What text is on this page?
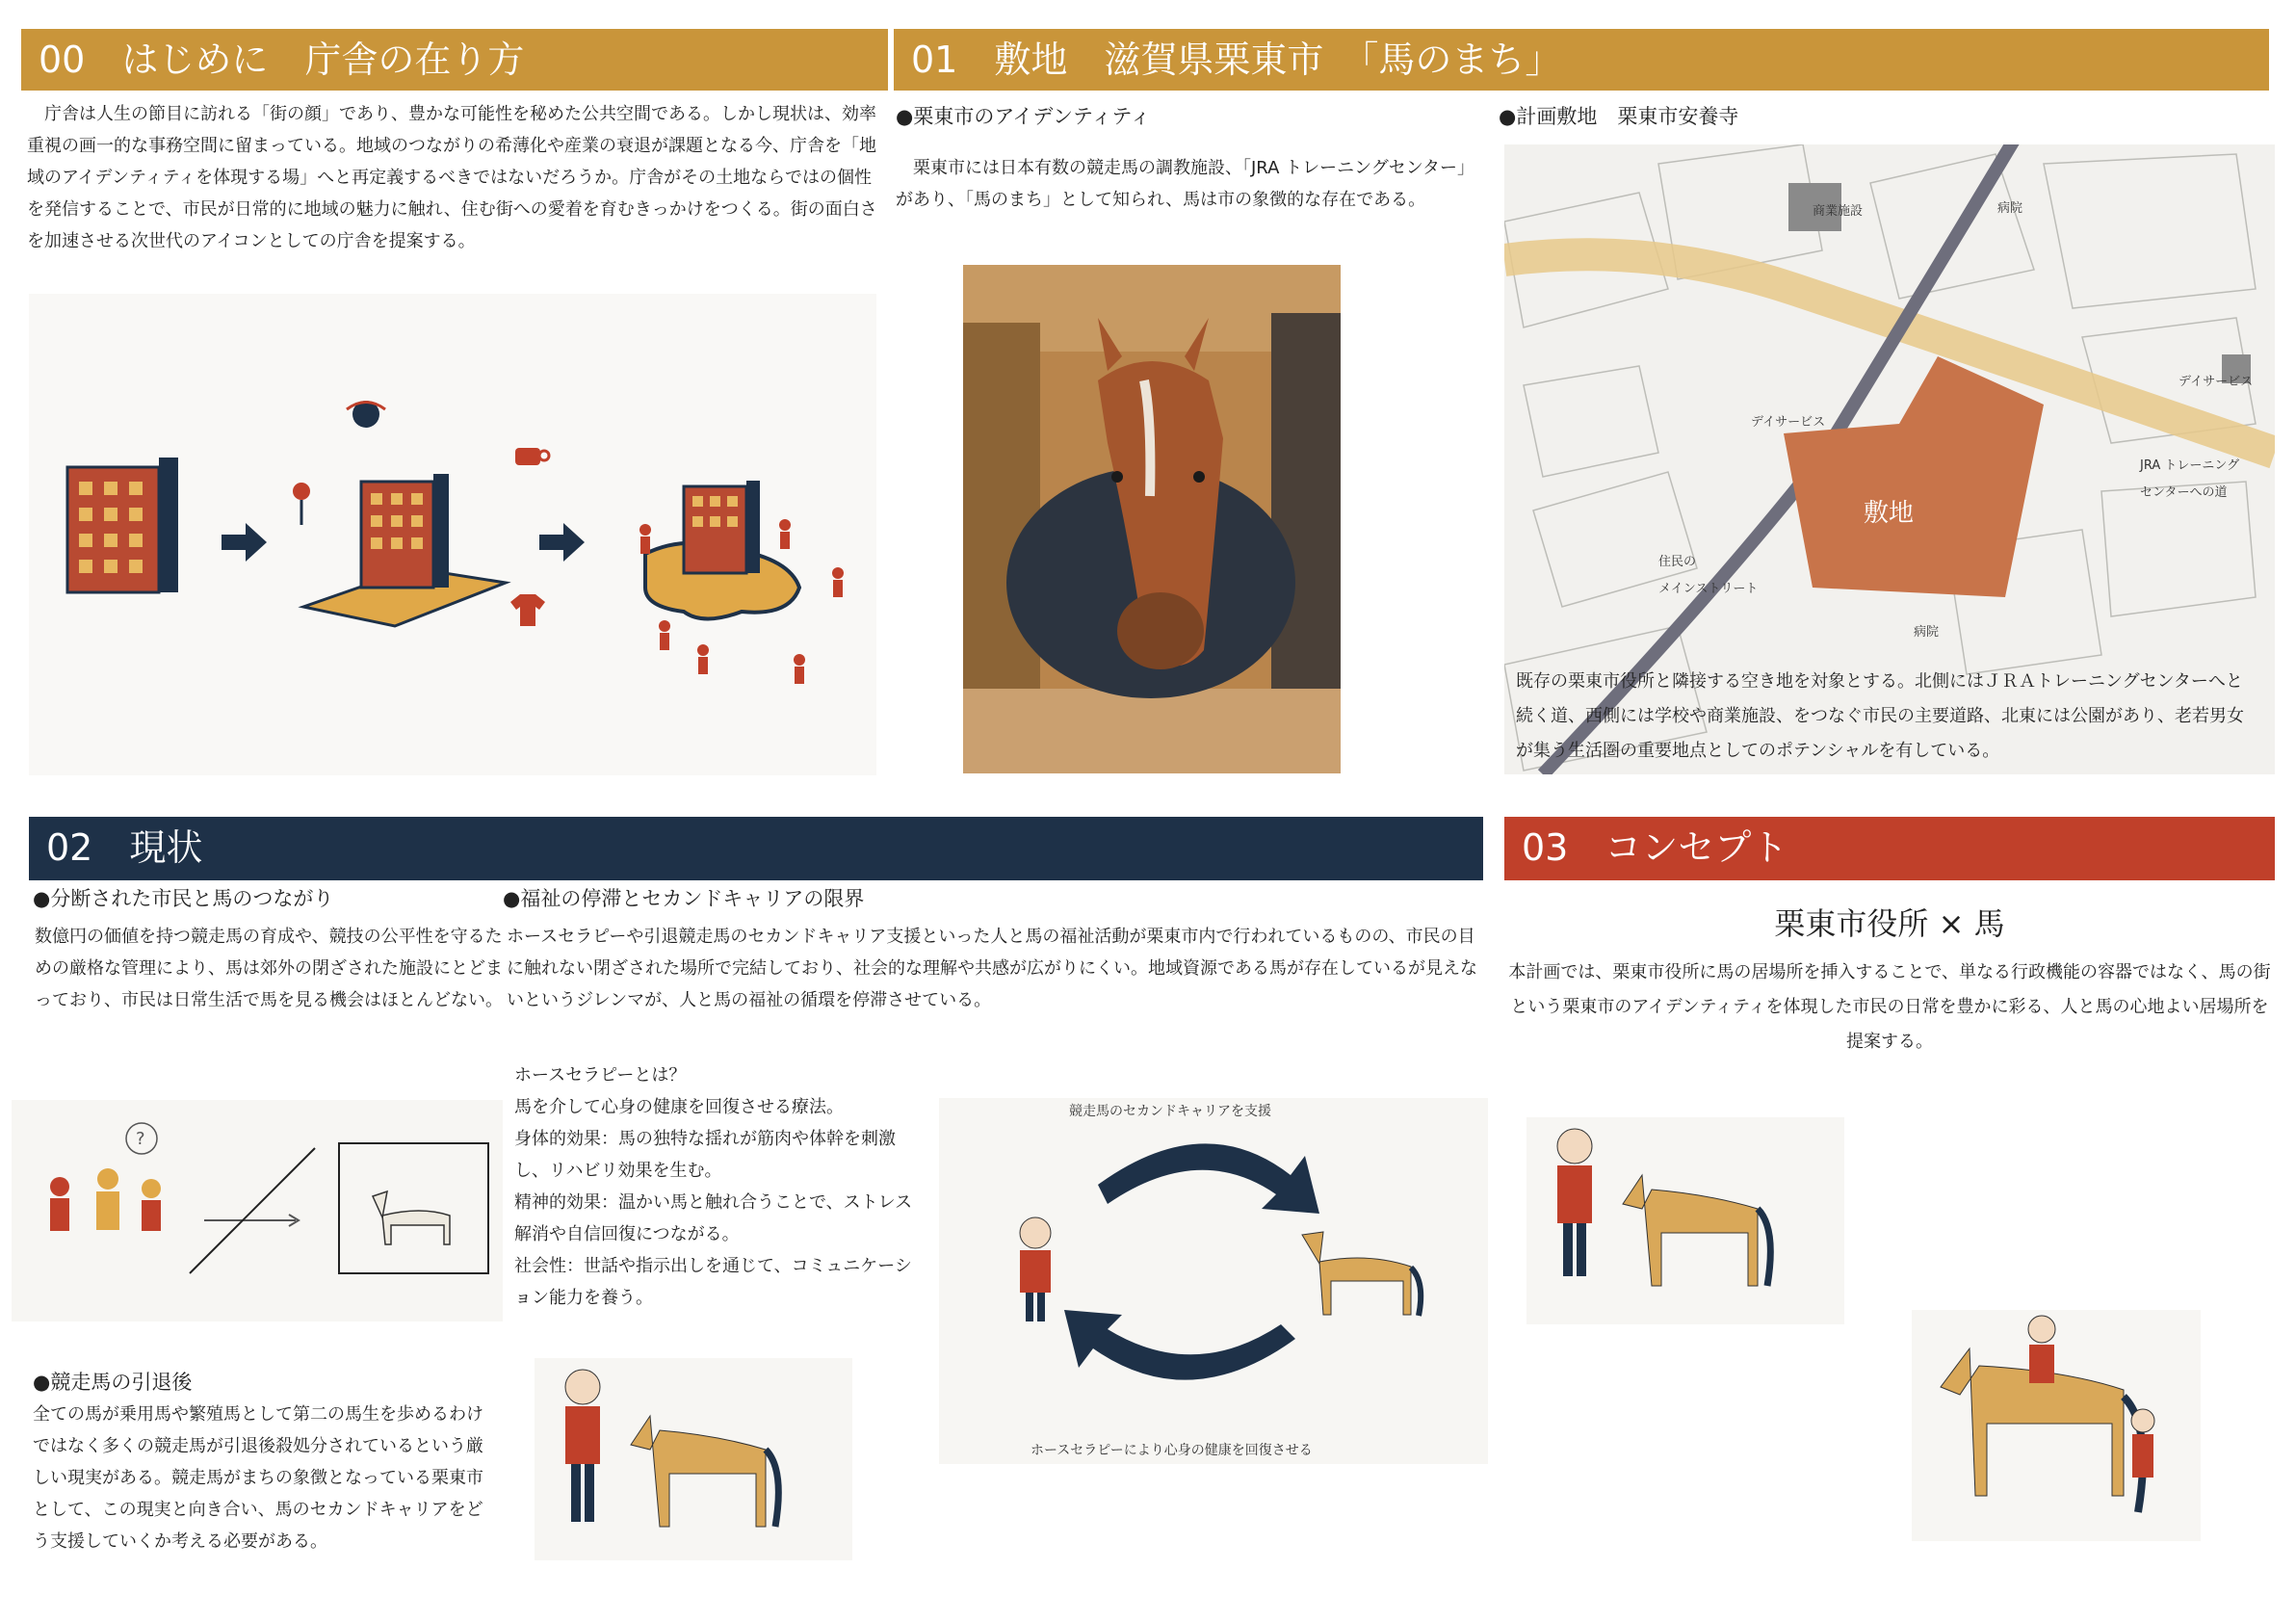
00　はじめに　庁舎の在り方
　庁舎は人生の節目に訪れる「街の顔」であり、豊かな可能性を秘めた公共空間である。しかし現状は、効率重視の画一的な事務空間に留まっている。地域のつながりの希薄化や産業の衰退が課題となる今、庁舎を「地域のアイデンティティを体現する場」へと再定義するべきではないだろうか。庁舎がその土地ならではの個性を発信することで、市民が日常的に地域の魅力に触れ、住む街への愛着を育むきっかけをつくる。街の面白さを加速させる次世代のアイコンとしての庁舎を提案する。
01　敷地　滋賀県栗東市　「馬のまち」
●栗東市のアイデンティティ
　栗東市には日本有数の競走馬の調教施設、「JRA トレーニングセンター」があり、「馬のまち」として知られ、馬は市の象徴的な存在である。
●計画敷地　栗東市安養寺
商業施設	病院
デイサービス
デイサービス
敷地
JRA トレーニング
センターへの道
住民の
メインストリート
病院
既存の栗東市役所と隣接する空き地を対象とする。北側にはＪＲＡトレーニングセンターへと続く道、西側には学校や商業施設、をつなぐ市民の主要道路、北東には公園があり、老若男女が集う生活圏の重要地点としてのポテンシャルを有している。
02　現状
●分断された市民と馬のつながり
数億円の価値を持つ競走馬の育成や、競技の公平性を守るための厳格な管理により、馬は郊外の閉ざされた施設にとどまっており、市民は日常生活で馬を見る機会はほとんどない。
●福祉の停滞とセカンドキャリアの限界
ホースセラピーや引退競走馬のセカンドキャリア支援といった人と馬の福祉活動が栗東市内で行われているものの、市民の目に触れない閉ざされた場所で完結しており、社会的な理解や共感が広がりにくい。地域資源である馬が存在しているが見えないというジレンマが、人と馬の福祉の循環を停滞させている。
?
ホースセラピーとは？
馬を介して心身の健康を回復させる療法。
身体的効果：馬の独特な揺れが筋肉や体幹を刺激し、リハビリ効果を生む。
精神的効果：温かい馬と触れ合うことで、ストレス解消や自信回復につながる。
社会性：世話や指示出しを通じて、コミュニケーション能力を養う。
競走馬のセカンドキャリアを支援
ホースセラピーにより心身の健康を回復させる
●競走馬の引退後
全ての馬が乗用馬や繁殖馬として第二の馬生を歩めるわけではなく多くの競走馬が引退後殺処分されているという厳しい現実がある。競走馬がまちの象徴となっている栗東市として、この現実と向き合い、馬のセカンドキャリアをどう支援していくか考える必要がある。
03　コンセプト
栗東市役所 × 馬
本計画では、栗東市役所に馬の居場所を挿入することで、単なる行政機能の容器ではなく、馬の街という栗東市のアイデンティティを体現した市民の日常を豊かに彩る、人と馬の心地よい居場所を提案する。
